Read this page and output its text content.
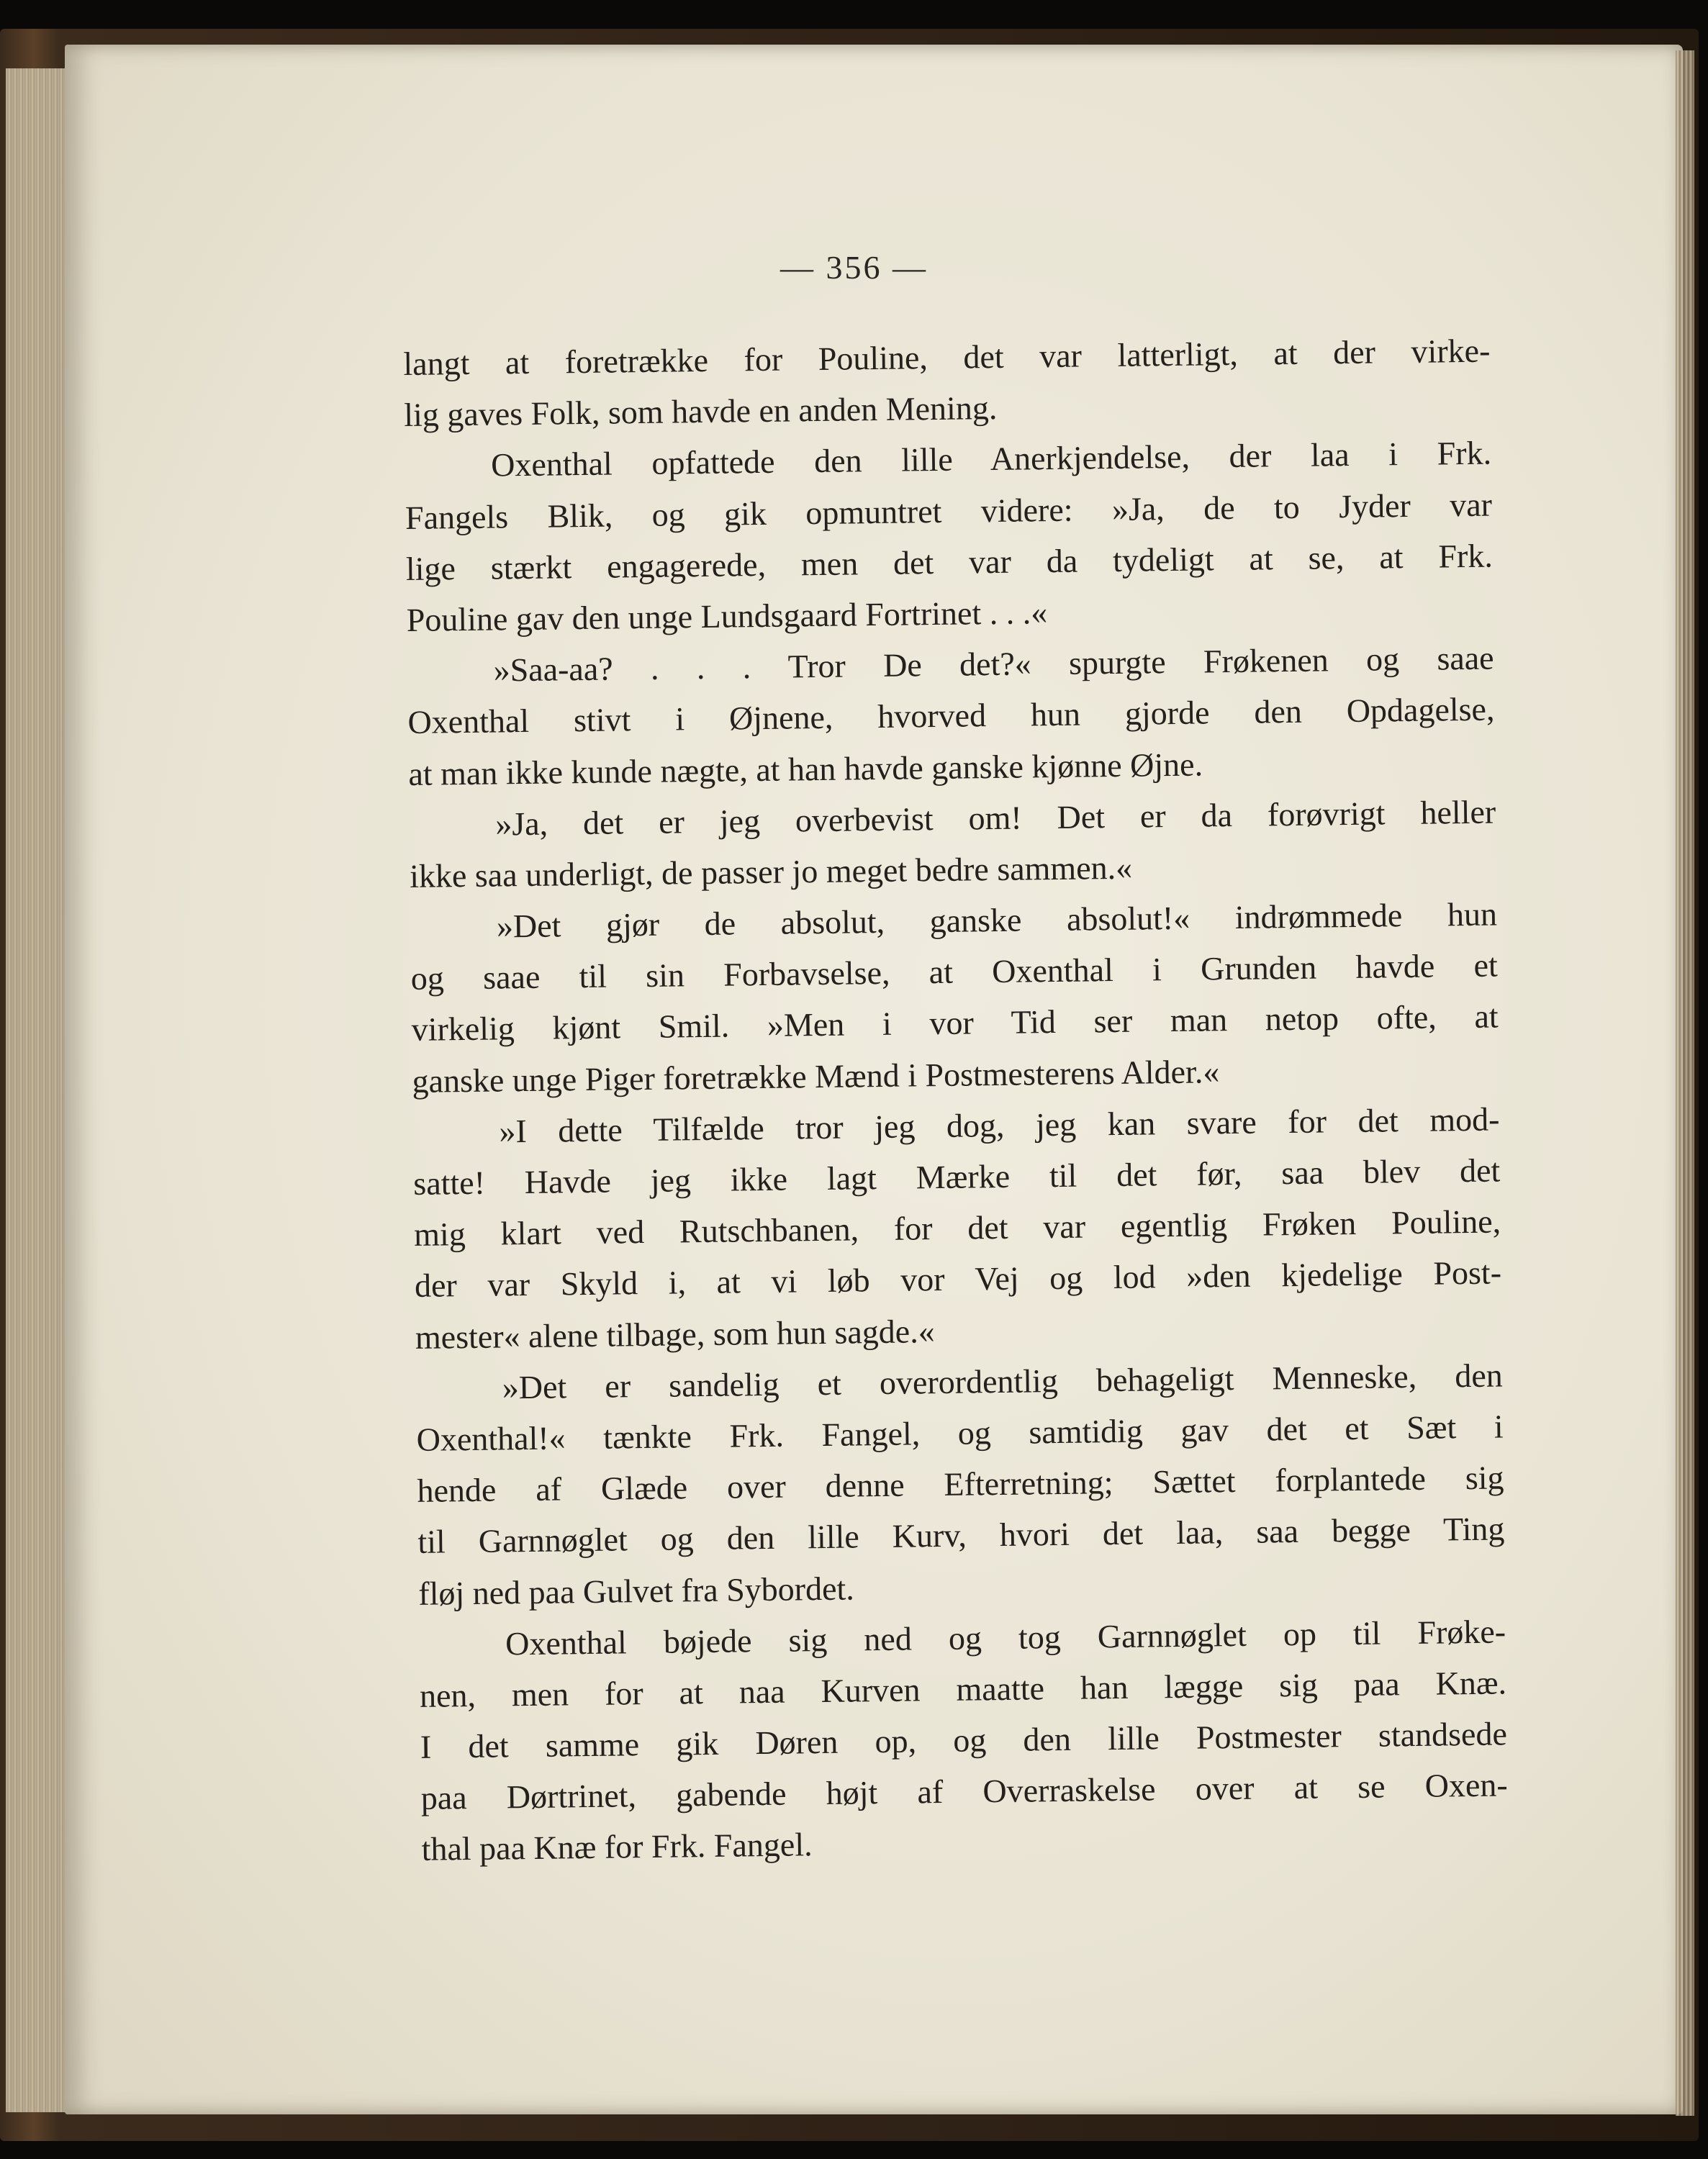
— 356 —
langt at foretrække for Pouline, det var latterligt, at der virke-
lig gaves Folk, som havde en anden Mening.
Oxenthal opfattede den lille Anerkjendelse, der laa i Frk.
Fangels Blik, og gik opmuntret videre: »Ja, de to Jyder var
lige stærkt engagerede, men det var da tydeligt at se, at Frk.
Pouline gav den unge Lundsgaard Fortrinet . . .«
»Saa-aa? . . . Tror De det?« spurgte Frøkenen og saae
Oxenthal stivt i Øjnene, hvorved hun gjorde den Opdagelse,
at man ikke kunde nægte, at han havde ganske kjønne Øjne.
»Ja, det er jeg overbevist om! Det er da forøvrigt heller
ikke saa underligt, de passer jo meget bedre sammen.«
»Det gjør de absolut, ganske absolut!« indrømmede hun
og saae til sin Forbavselse, at Oxenthal i Grunden havde et
virkelig kjønt Smil. »Men i vor Tid ser man netop ofte, at
ganske unge Piger foretrække Mænd i Postmesterens Alder.«
»I dette Tilfælde tror jeg dog, jeg kan svare for det mod-
satte! Havde jeg ikke lagt Mærke til det før, saa blev det
mig klart ved Rutschbanen, for det var egentlig Frøken Pouline,
der var Skyld i, at vi løb vor Vej og lod »den kjedelige Post-
mester« alene tilbage, som hun sagde.«
»Det er sandelig et overordentlig behageligt Menneske, den
Oxenthal!« tænkte Frk. Fangel, og samtidig gav det et Sæt i
hende af Glæde over denne Efterretning; Sættet forplantede sig
til Garnnøglet og den lille Kurv, hvori det laa, saa begge Ting
fløj ned paa Gulvet fra Sybordet.
Oxenthal bøjede sig ned og tog Garnnøglet op til Frøke-
nen, men for at naa Kurven maatte han lægge sig paa Knæ.
I det samme gik Døren op, og den lille Postmester standsede
paa Dørtrinet, gabende højt af Overraskelse over at se Oxen-
thal paa Knæ for Frk. Fangel.
